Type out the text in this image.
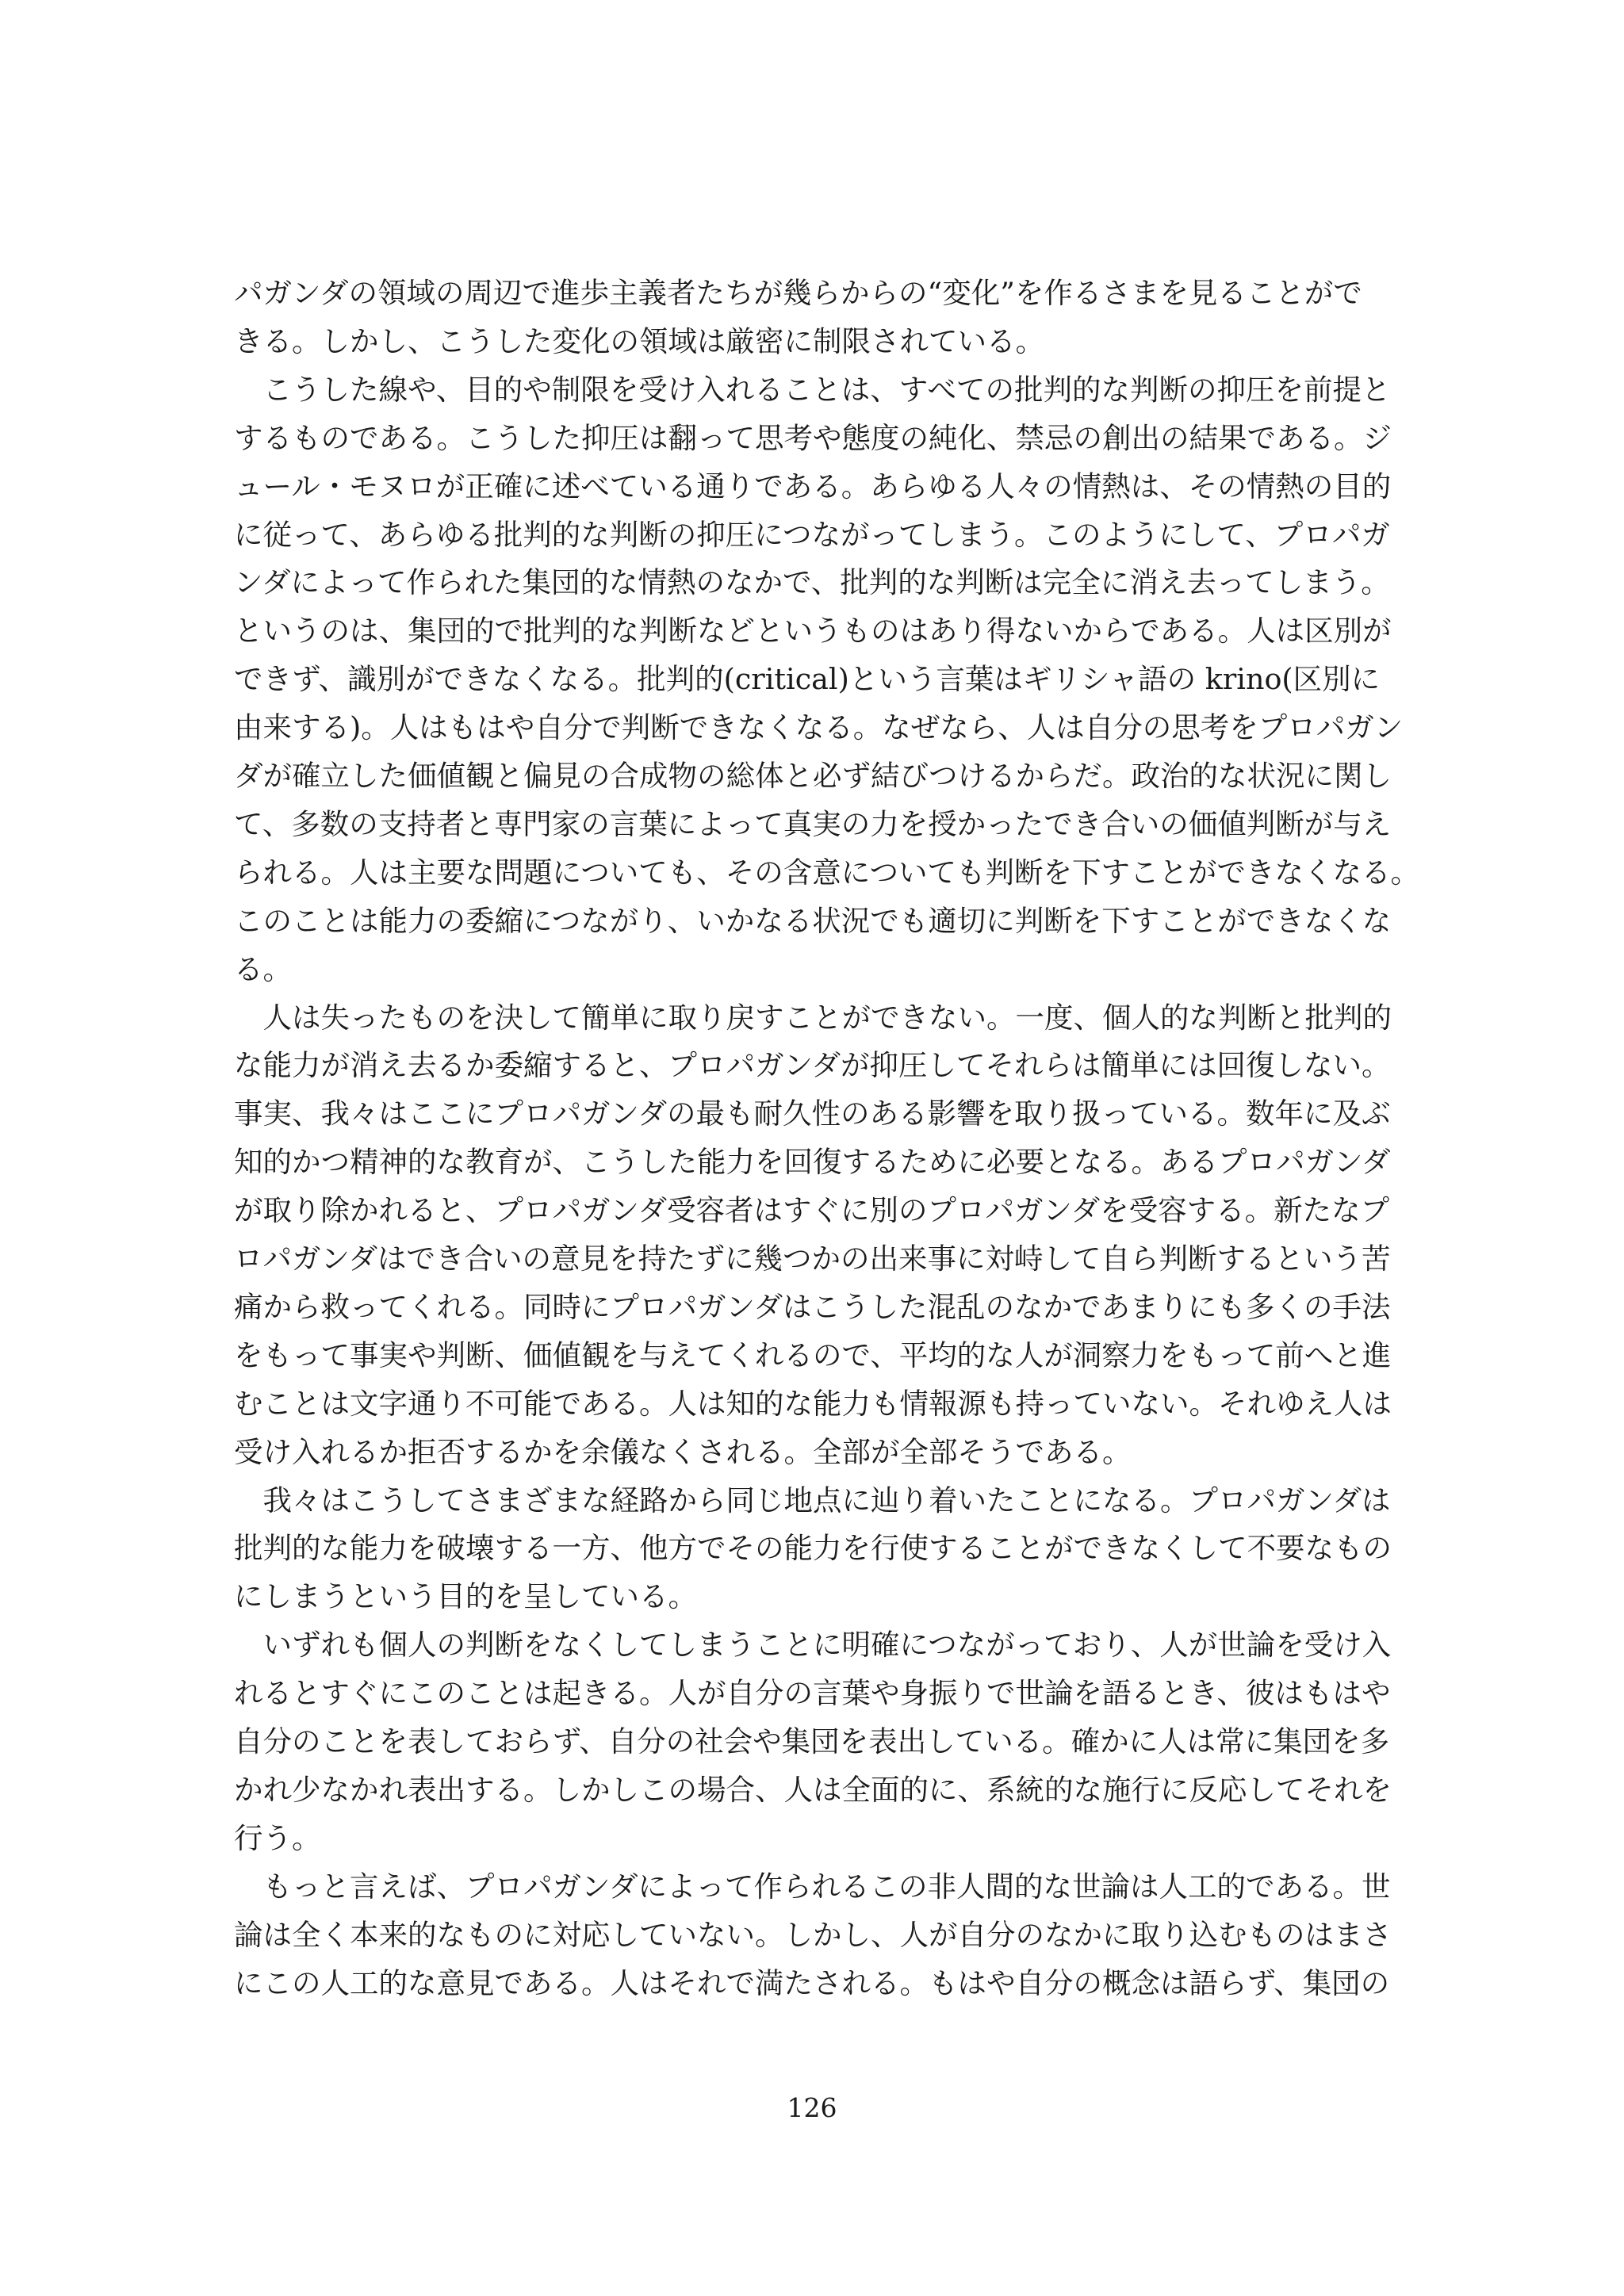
パガンダの領域の周辺で進歩主義者たちが幾らからの“変化”を作るさまを見ることがで
きる。しかし、こうした変化の領域は厳密に制限されている。
　こうした線や、目的や制限を受け入れることは、すべての批判的な判断の抑圧を前提と
するものである。こうした抑圧は翻って思考や態度の純化、禁忌の創出の結果である。ジ
ュール・モヌロが正確に述べている通りである。あらゆる人々の情熱は、その情熱の目的
に従って、あらゆる批判的な判断の抑圧につながってしまう。このようにして、プロパガ
ンダによって作られた集団的な情熱のなかで、批判的な判断は完全に消え去ってしまう。
というのは、集団的で批判的な判断などというものはあり得ないからである。人は区別が
できず、識別ができなくなる。批判的(critical)という言葉はギリシャ語の krino(区別に
由来する)。人はもはや自分で判断できなくなる。なぜなら、人は自分の思考をプロパガン
ダが確立した価値観と偏見の合成物の総体と必ず結びつけるからだ。政治的な状況に関し
て、多数の支持者と専門家の言葉によって真実の力を授かったでき合いの価値判断が与え
られる。人は主要な問題についても、その含意についても判断を下すことができなくなる。
このことは能力の委縮につながり、いかなる状況でも適切に判断を下すことができなくな
る。
　人は失ったものを決して簡単に取り戻すことができない。一度、個人的な判断と批判的
な能力が消え去るか委縮すると、プロパガンダが抑圧してそれらは簡単には回復しない。
事実、我々はここにプロパガンダの最も耐久性のある影響を取り扱っている。数年に及ぶ
知的かつ精神的な教育が、こうした能力を回復するために必要となる。あるプロパガンダ
が取り除かれると、プロパガンダ受容者はすぐに別のプロパガンダを受容する。新たなプ
ロパガンダはでき合いの意見を持たずに幾つかの出来事に対峙して自ら判断するという苦
痛から救ってくれる。同時にプロパガンダはこうした混乱のなかであまりにも多くの手法
をもって事実や判断、価値観を与えてくれるので、平均的な人が洞察力をもって前へと進
むことは文字通り不可能である。人は知的な能力も情報源も持っていない。それゆえ人は
受け入れるか拒否するかを余儀なくされる。全部が全部そうである。
　我々はこうしてさまざまな経路から同じ地点に辿り着いたことになる。プロパガンダは
批判的な能力を破壊する一方、他方でその能力を行使することができなくして不要なもの
にしまうという目的を呈している。
　いずれも個人の判断をなくしてしまうことに明確につながっており、人が世論を受け入
れるとすぐにこのことは起きる。人が自分の言葉や身振りで世論を語るとき、彼はもはや
自分のことを表しておらず、自分の社会や集団を表出している。確かに人は常に集団を多
かれ少なかれ表出する。しかしこの場合、人は全面的に、系統的な施行に反応してそれを
行う。
　もっと言えば、プロパガンダによって作られるこの非人間的な世論は人工的である。世
論は全く本来的なものに対応していない。しかし、人が自分のなかに取り込むものはまさ
にこの人工的な意見である。人はそれで満たされる。もはや自分の概念は語らず、集団の
126
